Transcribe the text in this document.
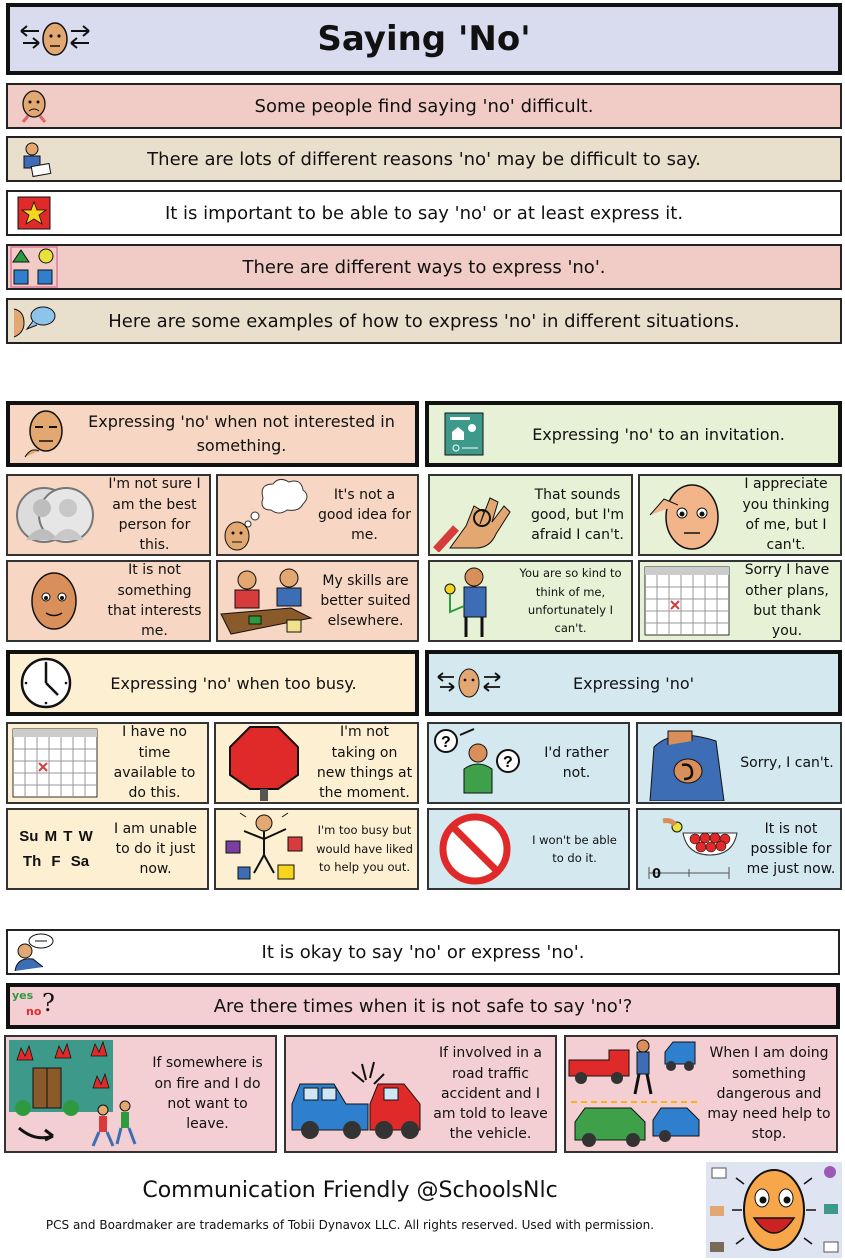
Saying 'No'
Some people find saying 'no' difficult.
There are lots of different reasons 'no' may be difficult to say.
It is important to be able to say 'no' or at least express it.
There are different ways to express 'no'.
Here are some examples of how to express 'no' in different situations.
Expressing 'no' when not interested in something.
I'm not sure I am the best person for this.
It's not a good idea for me.
It is not something that interests me.
My skills are better suited elsewhere.
Expressing 'no' to an invitation.
That sounds good, but I'm afraid I can't.
I appreciate you thinking of me, but I can't.
You are so kind to think of me, unfortunately I can't.
Sorry I have other plans, but thank you.
Expressing 'no' when too busy.
I have no time available to do this.
I'm not taking on new things at the moment.
Su M T W
Th F Sa
I am unable to do it just now.
I'm too busy but would have liked to help you out.
Expressing 'no'
?
?
I'd rather not.
Sorry, I can't.
I won't be able to do it.
0
It is not possible for me just now.
It is okay to say 'no' or express 'no'.
yes
no ?	Are there times when it is not safe to say 'no'?
If somewhere is on fire and I do not want to leave.
If involved in a road traffic accident and I am told to leave the vehicle.
When I am doing something dangerous and may need help to stop.
Communication Friendly @SchoolsNlc
PCS and Boardmaker are trademarks of Tobii Dynavox LLC. All rights reserved. Used with permission.
